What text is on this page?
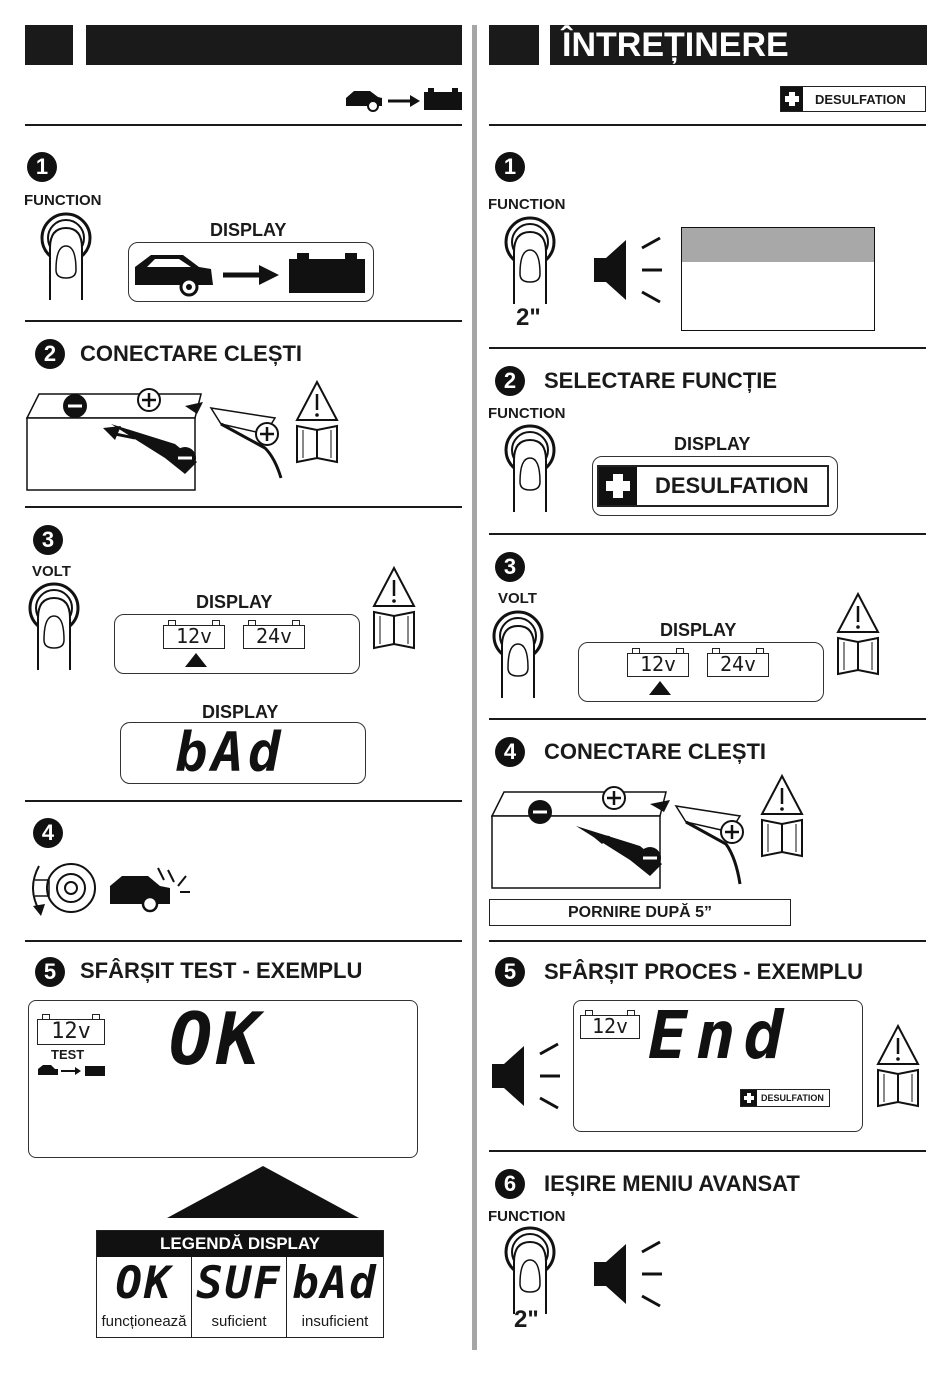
1
FUNCTION
DISPLAY
2	CONECTARE CLEȘTI
3
VOLT
DISPLAY
12v	24v
DISPLAY
bAd
4
5	SFÂRȘIT TEST - EXEMPLU
12v
TEST OK
LEGENDĂ DISPLAY
OK
funcționează
SUF
suficient
bAd
insuficient
ÎNTREȚINERE
DESULFATION
1
FUNCTION
2"
2	SELECTARE FUNCȚIE
FUNCTION
DISPLAY
DESULFATION
3
VOLT
DISPLAY
12v	24v
4	CONECTARE CLEȘTI
PORNIRE DUPĂ 5”
5	SFÂRȘIT PROCES - EXEMPLU
12v End
DESULFATION
6	IEȘIRE MENIU AVANSAT
FUNCTION
2"
